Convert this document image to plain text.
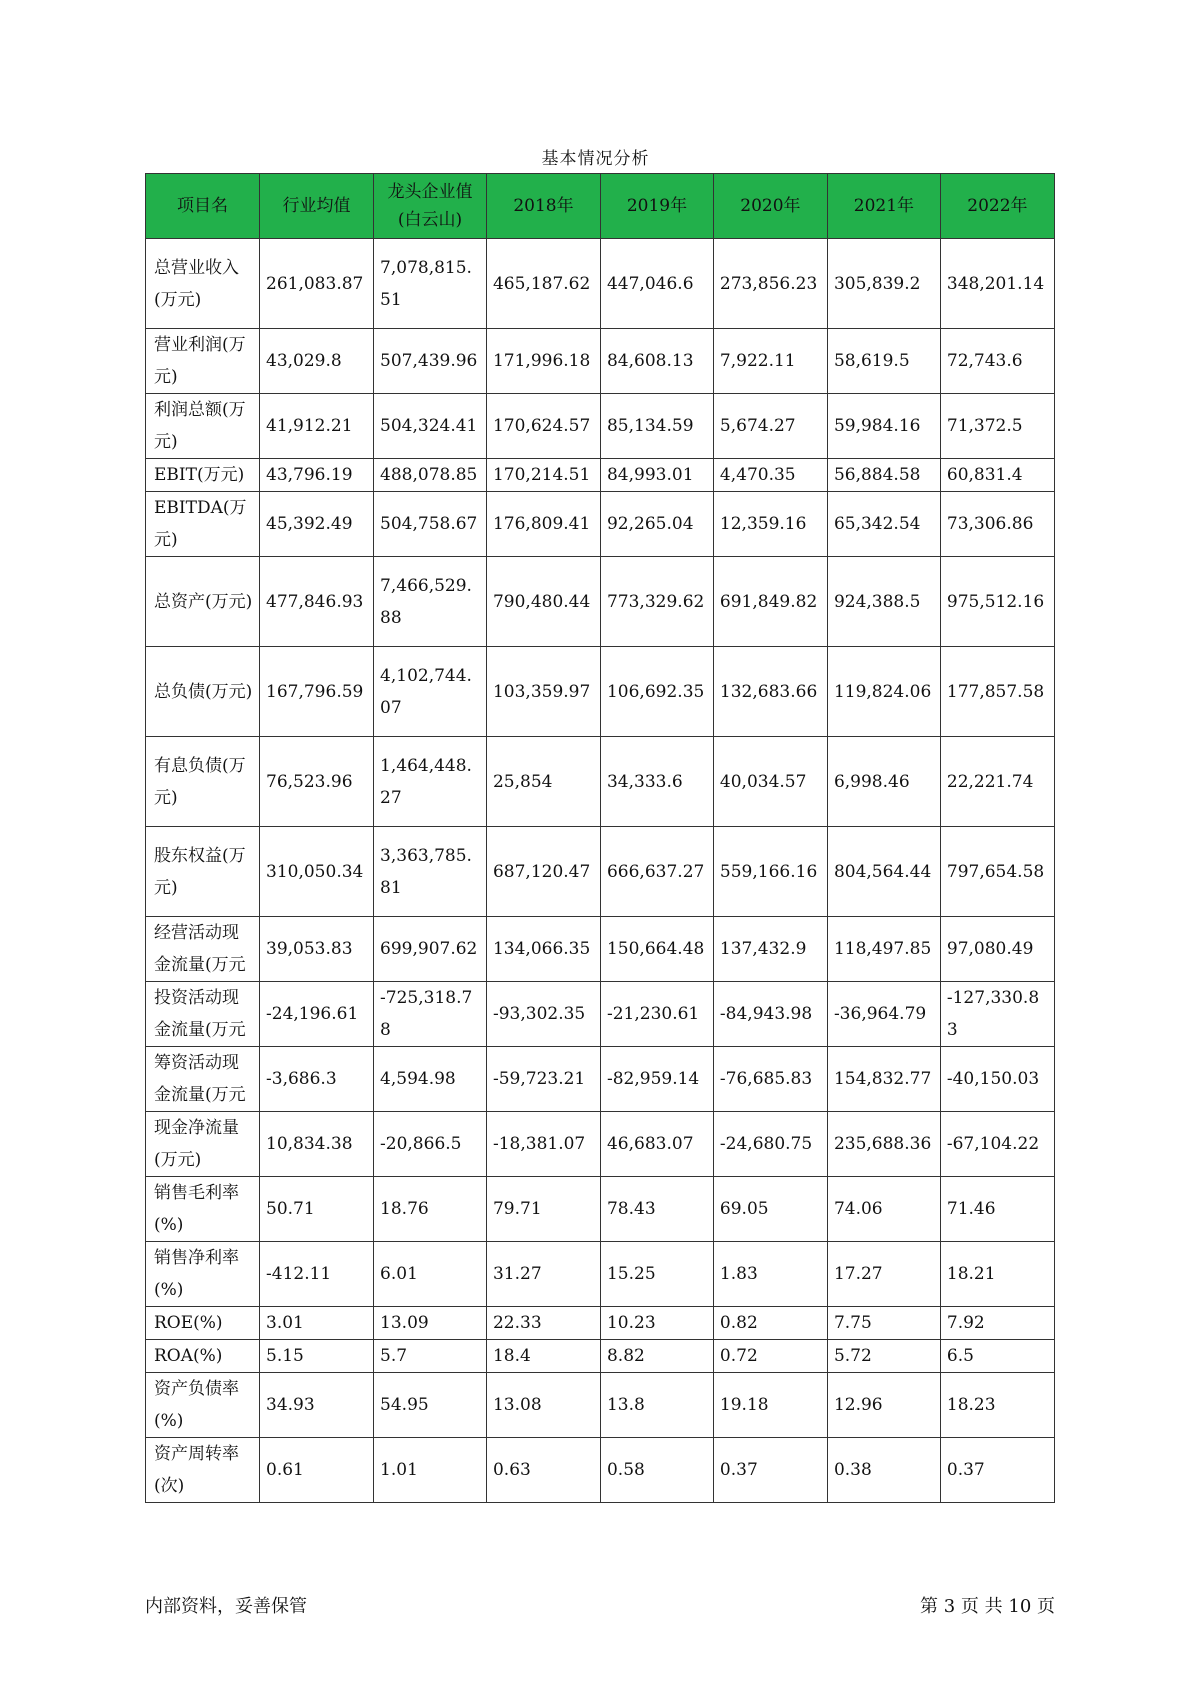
基本情况分析
项目名	行业均值	龙头企业值(白云山)	2018年	2019年	2020年	2021年	2022年
总营业收入(万元)	261,083.87	7,078,815.51	465,187.62	447,046.6	273,856.23	305,839.2	348,201.14
营业利润(万元)	43,029.8	507,439.96	171,996.18	84,608.13	7,922.11	58,619.5	72,743.6
利润总额(万元)	41,912.21	504,324.41	170,624.57	85,134.59	5,674.27	59,984.16	71,372.5
EBIT(万元)	43,796.19	488,078.85	170,214.51	84,993.01	4,470.35	56,884.58	60,831.4
EBITDA(万元)	45,392.49	504,758.67	176,809.41	92,265.04	12,359.16	65,342.54	73,306.86
总资产(万元)	477,846.93	7,466,529.88	790,480.44	773,329.62	691,849.82	924,388.5	975,512.16
总负债(万元)	167,796.59	4,102,744.07	103,359.97	106,692.35	132,683.66	119,824.06	177,857.58
有息负债(万元)	76,523.96	1,464,448.27	25,854	34,333.6	40,034.57	6,998.46	22,221.74
股东权益(万元)	310,050.34	3,363,785.81	687,120.47	666,637.27	559,166.16	804,564.44	797,654.58
经营活动现金流量(万元	39,053.83	699,907.62	134,066.35	150,664.48	137,432.9	118,497.85	97,080.49
投资活动现金流量(万元	-24,196.61	-725,318.78	-93,302.35	-21,230.61	-84,943.98	-36,964.79	-127,330.83
筹资活动现金流量(万元	-3,686.3	4,594.98	-59,723.21	-82,959.14	-76,685.83	154,832.77	-40,150.03
现金净流量(万元)	10,834.38	-20,866.5	-18,381.07	46,683.07	-24,680.75	235,688.36	-67,104.22
销售毛利率(%)	50.71	18.76	79.71	78.43	69.05	74.06	71.46
销售净利率(%)	-412.11	6.01	31.27	15.25	1.83	17.27	18.21
ROE(%)	3.01	13.09	22.33	10.23	0.82	7.75	7.92
ROA(%)	5.15	5.7	18.4	8.82	0.72	5.72	6.5
资产负债率(%)	34.93	54.95	13.08	13.8	19.18	12.96	18.23
资产周转率(次)	0.61	1.01	0.63	0.58	0.37	0.38	0.37
内部资料，妥善保管	第 3 页 共 10 页
